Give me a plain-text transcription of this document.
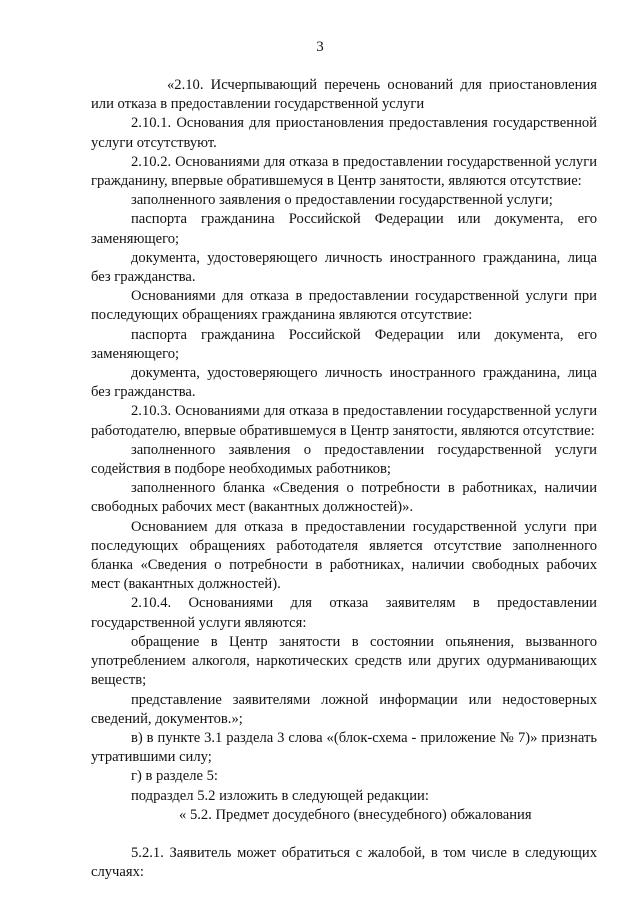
3

«2.10. Исчерпывающий перечень оснований для приостановления или отказа в предоставлении государственной услуги

2.10.1. Основания для приостановления предоставления государственной услуги отсутствуют.

2.10.2. Основаниями для отказа в предоставлении государственной услуги гражданину, впервые обратившемуся в Центр занятости, являются отсутствие:

заполненного заявления о предоставлении государственной услуги;

паспорта гражданина Российской Федерации или документа, его заменяющего;

документа, удостоверяющего личность иностранного гражданина, лица без гражданства.

Основаниями для отказа в предоставлении государственной услуги при последующих обращениях гражданина являются отсутствие:

паспорта гражданина Российской Федерации или документа, его заменяющего;

документа, удостоверяющего личность иностранного гражданина, лица без гражданства.

2.10.3. Основаниями для отказа в предоставлении государственной услуги работодателю, впервые обратившемуся в Центр занятости, являются отсутствие:

заполненного заявления о предоставлении государственной услуги содействия в подборе необходимых работников;

заполненного бланка «Сведения о потребности в работниках, наличии свободных рабочих мест (вакантных должностей)».

Основанием для отказа в предоставлении государственной услуги при последующих обращениях работодателя является отсутствие заполненного бланка «Сведения о потребности в работниках, наличии свободных рабочих мест (вакантных должностей).

2.10.4. Основаниями для отказа заявителям в предоставлении государственной услуги являются:

обращение в Центр занятости в состоянии опьянения, вызванного употреблением алкоголя, наркотических средств или других одурманивающих веществ;

представление заявителями ложной информации или недостоверных сведений, документов.»;

в) в пункте 3.1 раздела 3 слова «(блок-схема - приложение № 7)» признать утратившими силу;

г) в разделе 5:

подраздел 5.2 изложить в следующей редакции:

« 5.2. Предмет досудебного (внесудебного) обжалования

5.2.1. Заявитель может обратиться с жалобой, в том числе в следующих случаях:
